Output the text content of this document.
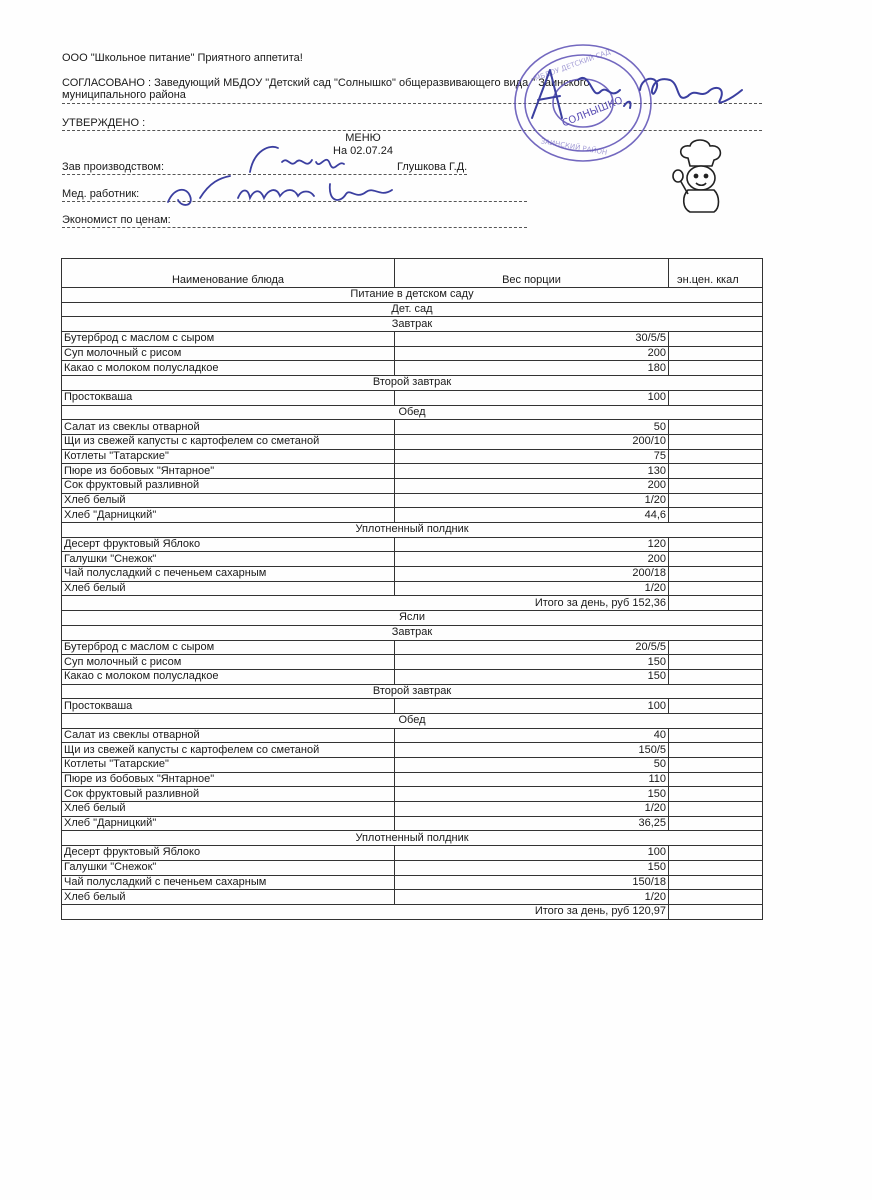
ООО "Школьное питание" Приятного аппетита!
СОГЛАСОВАНО : Заведующий МБДОУ "Детский сад "Солнышко" общеразвивающего вида " Заинского
муниципального района
УТВЕРЖДЕНО :
МЕНЮ
На 02.07.24
Зав производством:	Глушкова Г.Д.
Мед. работник:
Экономист по ценам:
МБДОУ ДЕТСКИЙ САД
ЗАИНСКИЙ РАЙОН
СОЛНЫШКО
Л.И. Павлова
Глуш
Иванова
Наименование блюда	Вес порции	эн.цен. ккал
Питание в детском саду		
Дет. сад		
Завтрак		
Бутерброд с маслом с сыром	30/5/5	
Суп молочный с рисом	200	
Какао с молоком полусладкое	180	
Второй завтрак		
Простокваша	100	
Обед		
Салат из свеклы отварной	50	
Щи из свежей капусты с картофелем со сметаной	200/10	
Котлеты "Татарские"	75	
Пюре из бобовых "Янтарное"	130	
Сок фруктовый разливной	200	
Хлеб белый	1/20	
Хлеб "Дарницкий"	44,6	
Уплотненный полдник		
Десерт фруктовый Яблоко	120	
Галушки "Снежок"	200	
Чай полусладкий с печеньем сахарным	200/18	
Хлеб белый	1/20	
	Итого за день, руб 152,36	
Ясли		
Завтрак		
Бутерброд с маслом с сыром	20/5/5	
Суп молочный с рисом	150	
Какао с молоком полусладкое	150	
Второй завтрак		
Простокваша	100	
Обед		
Салат из свеклы отварной	40	
Щи из свежей капусты с картофелем со сметаной	150/5	
Котлеты "Татарские"	50	
Пюре из бобовых "Янтарное"	110	
Сок фруктовый разливной	150	
Хлеб белый	1/20	
Хлеб "Дарницкий"	36,25	
Уплотненный полдник		
Десерт фруктовый Яблоко	100	
Галушки "Снежок"	150	
Чай полусладкий с печеньем сахарным	150/18	
Хлеб белый	1/20	
	Итого за день, руб 120,97	
